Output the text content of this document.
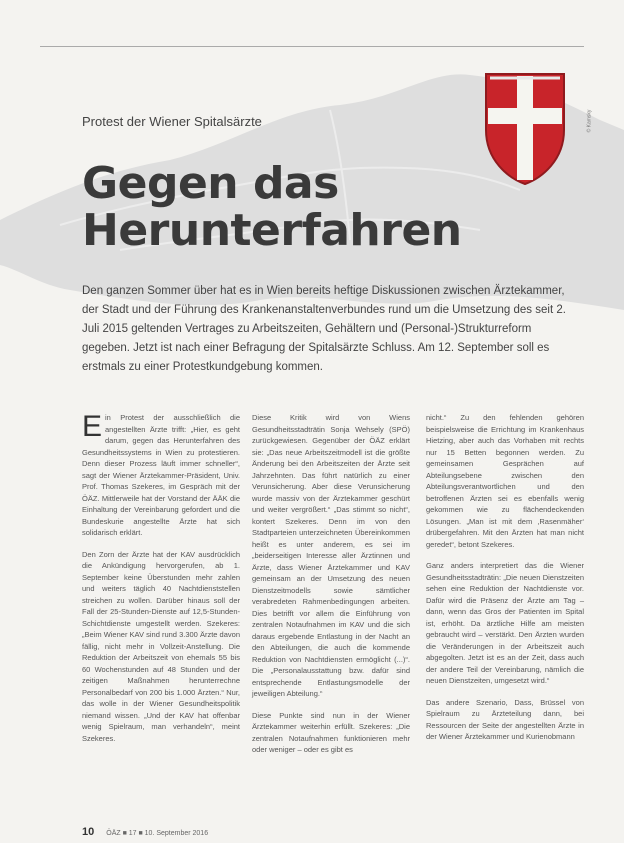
Protest der Wiener Spitalsärzte
Gegen das
Herunterfahren
© Kamsky
Den ganzen Sommer über hat es in Wien bereits heftige Diskussionen zwischen Ärztekammer, der Stadt und der Führung des Krankenanstaltenverbundes rund um die Umsetzung des seit 2. Juli 2015 geltenden Vertrages zu Arbeitszeiten, Gehältern und (Personal-)Strukturreform gegeben. Jetzt ist nach einer Befragung der Spitalsärzte Schluss. Am 12. September soll es erstmals zu einer Protestkundgebung kommen.

Ein Protest der ausschließlich die angestellten Ärzte trifft: „Hier, es geht darum, gegen das Herunterfahren des Gesundheitssystems in Wien zu protestieren. Denn dieser Prozess läuft immer schneller“, sagt der Wiener Ärztekammer-Präsident, Univ. Prof. Thomas Szekeres, im Gespräch mit der ÖÄZ. Mittlerweile hat der Vorstand der ÄÄK die Einhaltung der Vereinbarung gefordert und die Bundeskurie angestellte Ärzte hat sich solidarisch erklärt.

Den Zorn der Ärzte hat der KAV ausdrücklich die Ankündigung hervorgerufen, ab 1. September keine Überstunden mehr zahlen und weiters täglich 40 Nachtdienststellen streichen zu wollen. Darüber hinaus soll der Fall der 25-Stunden-Dienste auf 12,5-Stunden-Schichtdienste umgestellt werden. Szekeres: „Beim Wiener KAV sind rund 3.300 Ärzte davon fällig, nicht mehr in Vollzeit-Anstellung. Die Reduktion der Arbeitszeit von ehemals 55 bis 60 Wochenstunden auf 48 Stunden und der zeitigen Maßnahmen herunterrechne Personalbedarf von 200 bis 1.000 Ärzten.“ Nur, das wolle in der Wiener Gesundheitspolitik niemand wissen. „Und der KAV hat offenbar wenig Spielraum, man verhandeln“, meint Szekeres.

Diese Kritik wird von Wiens Gesundheitsstadträtin Sonja Wehsely (SPÖ) zurückgewiesen. Gegenüber der ÖÄZ erklärt sie: „Das neue Arbeitszeitmodell ist die größte Änderung bei den Arbeitszeiten der Ärzte seit Jahrzehnten. Das führt natürlich zu einer Verunsicherung. Aber diese Verunsicherung wurde massiv von der Ärztekammer geschürt und weiter vergrößert.“ „Das stimmt so nicht“, kontert Szekeres. Denn im von den Stadtparteien unterzeichneten Übereinkommen heißt es unter anderem, es sei im „beiderseitigen Interesse aller Ärztinnen und Ärzte, dass Wiener Ärztekammer und KAV gemeinsam an der Umsetzung des neuen Dienstzeitmodells sowie sämtlicher verabredeten Rahmenbedingungen arbeiten. Dies betrifft vor allem die Einführung von zentralen Notaufnahmen im KAV und die sich daraus ergebende Entlastung in der Nacht an den Abteilungen, die auch die kommende Reduktion von Nachtdiensten ermöglicht (...)“. Die „Personalausstattung bzw. dafür sind entsprechende Entlastungsmodelle der jeweiligen Abteilung.“

Diese Punkte sind nun in der Wiener Ärztekammer weiterhin erfüllt. Szekeres: „Die zentralen Notaufnahmen funktionieren mehr oder weniger – oder es gibt es

nicht.“ Zu den fehlenden gehören beispielsweise die Errichtung im Krankenhaus Hietzing, aber auch das Vorhaben mit rechts nur 15 Betten begonnen werden. Zu gemeinsamen Gesprächen auf Abteilungsebene zwischen den Abteilungsverantwortlichen und den betroffenen Ärzten sei es ebenfalls wenig gekommen wie zu flächendeckenden Lösungen. „Man ist mit dem ‚Rasenmäher‘ drübergefahren. Mit den Ärzten hat man nicht geredet“, betont Szekeres.

Ganz anders interpretiert das die Wiener Gesundheitsstadträtin: „Die neuen Dienstzeiten sehen eine Reduktion der Nachtdienste vor. Dafür wird die Präsenz der Ärzte am Tag – dann, wenn das Gros der Patienten im Spital ist, erhöht. Da ärztliche Hilfe am meisten gebraucht wird – verstärkt. Den Ärzten wurden die Veränderungen in der Arbeitszeit auch abgegolten. Jetzt ist es an der Zeit, dass auch der andere Teil der Vereinbarung, nämlich die neuen Dienstzeiten, umgesetzt wird.“

Das andere Szenario, Dass, Brüssel von Spielraum zu Ärzteteilung dann, bei Ressourcen der Seite der angestellten Ärzte in der Wiener Ärztekammer und Kurienobmann

10 ÖÄZ ■ 17 ■ 10. September 2016
